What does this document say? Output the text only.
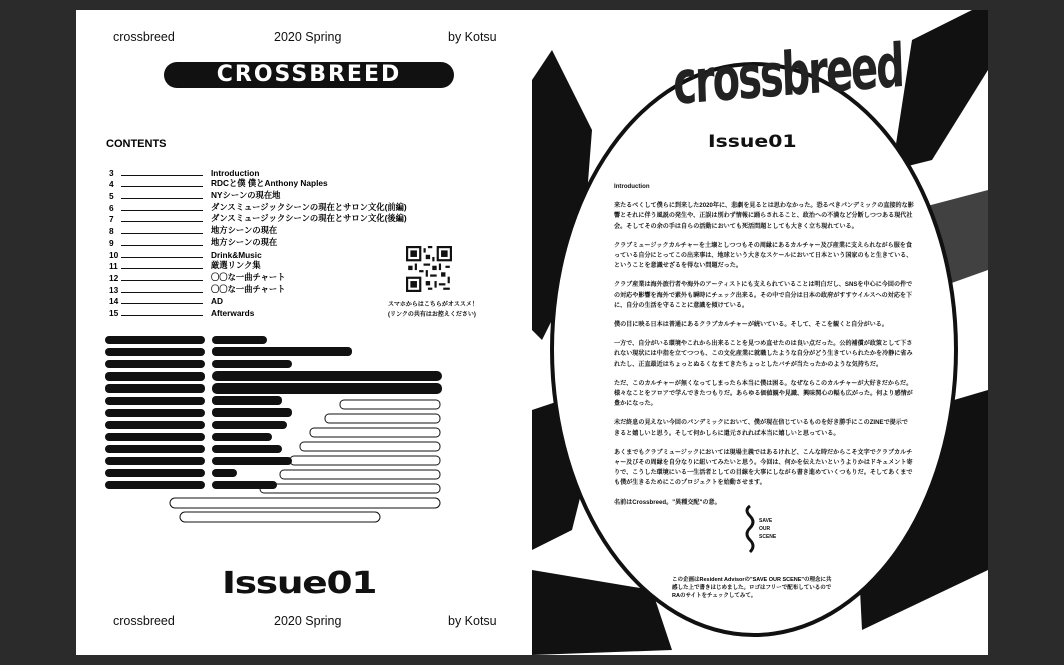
crossbreed	2020 Spring	by Kotsu
CROSSBREED
CONTENTS
3	Introduction
4	RDCと僕 僕とAnthony Naples
5	NYシーンの現在地
6	ダンスミュージックシーンの現在とサロン文化(前編)
7	ダンスミュージックシーンの現在とサロン文化(後編)
8	地方シーンの現在
9	地方シーンの現在
10	Drink&Music
11	厳選リンク集
12	〇〇な一曲チャート
13	〇〇な一曲チャート
14	AD
15	Afterwards
スマホからはこちらがオススメ！
(リンクの共有はお控えください)
Issue01
crossbreed	2020 Spring	by Kotsu
crossbreed
Issue01

Introduction

来たるべくして僕らに到来した2020年に、悲劇を見るとは思わなかった。恐るべきパンデミックの直接的な影響とそれに伴う風説の発生や、正誤は別わず情報に踊らされること、政治への不満など分断しつつある現代社会。そしてその余の手は自らの活動においても死活問題としても大きく立ち現れている。

クラブミュージックカルチャーを土壌としつつもその周縁にあるカルチャー及び産業に支えられながら服を食っている自分にとってこの出来事は、地球という大きなスケールにおいて日本という国家のもと生きている、ということを意識せざるを得ない問題だった。

クラブ産業は海外旅行者や海外のアーティストにも支えられていることは明白だし、SNSを中心に今回の件での対応や影響を海外で素外も瞬時にチェック出来る。その中で自分は日本の政府がすすウイルスへの対応を下に、自分の生活を守ることに意識を傾けている。

僕の目に映る日本は普通にあるクラブカルチャーが続いている。そして、そこを観くと自分がいる。

一方で、自分がいる環境やこれから出来ることを見つめ直せたのは良い点だった。公的補償が政策として下されない現状には中指を立てつつも、この文化産業に就職したような自分がどう生きていられたかを冷静に省みれたし、正直最近はちょっとぬるくなまてきたちょっとしたバチが当たったかのような気持ちだ。

ただ、このカルチャーが無くなってしまったら本当に僕は困る。なぜならこのカルチャーが大好きだからだ。様々なことをフロアで学んできたつもりだ。あらゆる価値観や見識、興味関心の幅も広がった。何より感情が豊かになった。

未だ終息の見えない今回のパンデミックにおいて、僕が現在信じているものを好き勝手にこのZINEで提示できると嬉しいと思う。そして何かしらに還元されれば本当に嬉しいと思っている。

あくまでもクラブミュージックにおいては現場主義ではあるけれど、こんな時だからこそ文字でクラブカルチャー及びその周縁を自分なりに紐いてみたいと思う。今回は、何かを伝えたいというよりかはドキュメント寄りで、こうした環境にいる一生活者としての目線を大事にしながら書き進めていくつもりだ。そしてあくまでも僕が生きるためにこのプロジェクトを始動させます。

名前はCrossbreed。"異種交配"の意。

SAVE
OUR
SCENE
この企画はResident Advisorの"SAVE OUR SCENE"の理念に共感した上で書きはじめました。ロゴはフリーで配布しているのでRAのサイトをチェックしてみて。
